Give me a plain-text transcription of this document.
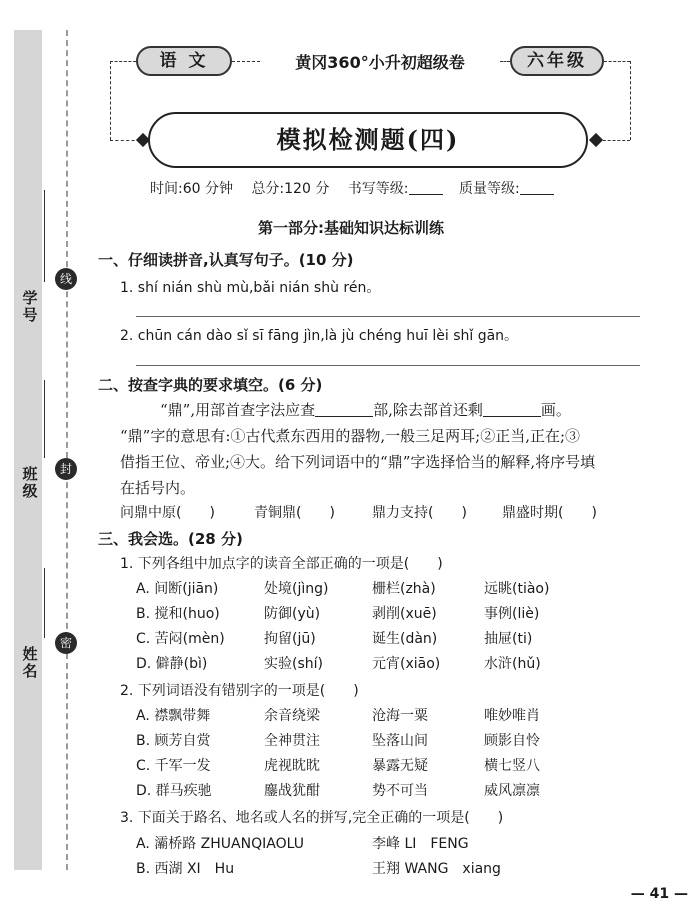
线
封
密
学号
班级
姓名
语 文	黄冈360°小升初超级卷	六年级
模拟检测题(四)
时间:60 分钟 总分:120 分 书写等级:	质量等级:
第一部分:基础知识达标训练
一、仔细读拼音,认真写句子。(10 分)
1. shí nián shù mù,bǎi nián shù rén。
2. chūn cán dào sǐ sī fāng jìn,là jù chéng huī lèi shǐ gān。
二、按查字典的要求填空。(6 分)
“鼎”,用部首查字法应查	部,除去部首还剩	画。
“鼎”字的意思有:①古代煮东西用的器物,一般三足两耳;②正当,正在;③
借指王位、帝业;④大。给下列词语中的“鼎”字选择恰当的解释,将序号填
在括号内。
问鼎中原(　　)	青铜鼎(　　)	鼎力支持(　　)	鼎盛时期(　　)
三、我会选。(28 分)
1. 下列各组中加点字的读音全部正确的一项是(　　)
A. 间断(jiān)	处境(jìng)	栅栏(zhà)	远眺(tiào)
B. 搅和(huo)	防御(yù)	剥削(xuē)	事例(liè)
C. 苦闷(mèn)	拘留(jū)	诞生(dàn)	抽屉(ti)
D. 僻静(bì)	实验(shí)	元宵(xiāo)	水浒(hǔ)
2. 下列词语没有错别字的一项是(　　)
A. 襟飘带舞	余音绕梁	沧海一粟	唯妙唯肖
B. 顾芳自赏	全神贯注	坠落山间	顾影自怜
C. 千军一发	虎视眈眈	暴露无疑	横七竖八
D. 群马疾驰	鏖战犹酣	势不可当	威风凛凛
3. 下面关于路名、地名或人名的拼写,完全正确的一项是(　　)
A. 灞桥路 ZHUANQIAOLU	李峰 LI　FENG
B. 西湖 XI　Hu	王翔 WANG　xiang
— 41 —
